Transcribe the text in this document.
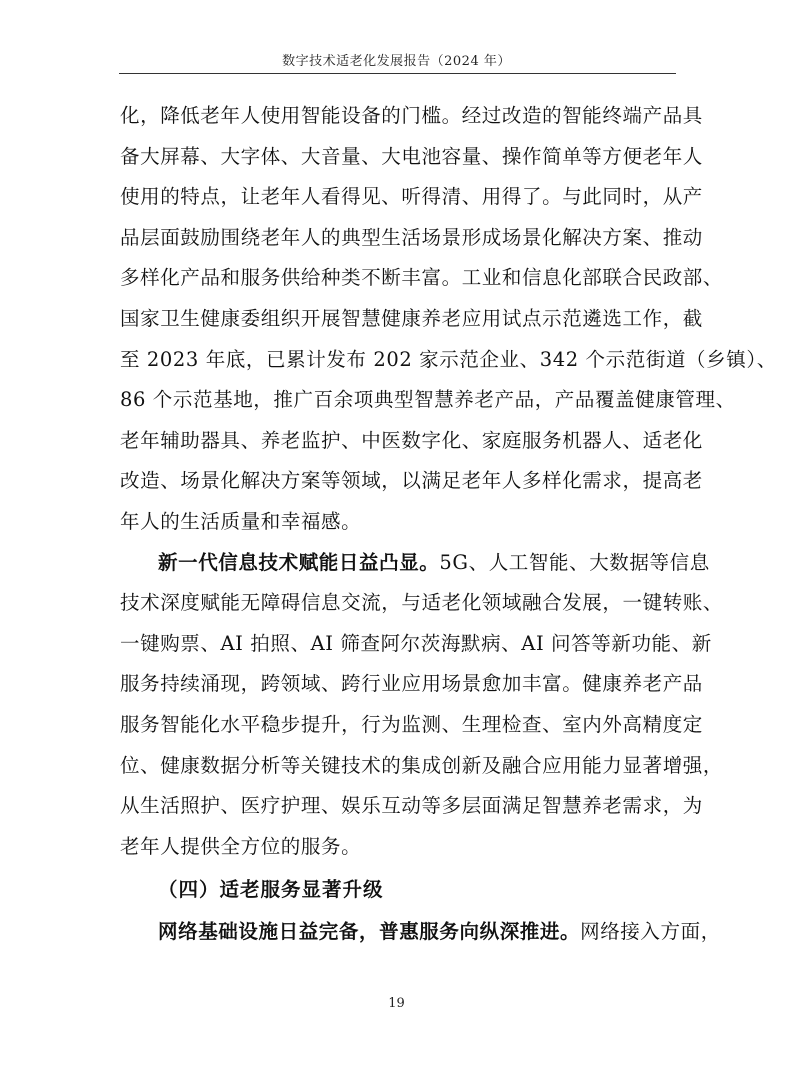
数字技术适老化发展报告（2024 年）
化，降低老年人使用智能设备的门槛。经过改造的智能终端产品具
备大屏幕、大字体、大音量、大电池容量、操作简单等方便老年人
使用的特点，让老年人看得见、听得清、用得了。与此同时，从产
品层面鼓励围绕老年人的典型生活场景形成场景化解决方案、推动
多样化产品和服务供给种类不断丰富。工业和信息化部联合民政部、
国家卫生健康委组织开展智慧健康养老应用试点示范遴选工作，截
至 2023 年底，已累计发布 202 家示范企业、342 个示范街道（乡镇）、
86 个示范基地，推广百余项典型智慧养老产品，产品覆盖健康管理、
老年辅助器具、养老监护、中医数字化、家庭服务机器人、适老化
改造、场景化解决方案等领域，以满足老年人多样化需求，提高老
年人的生活质量和幸福感。
新一代信息技术赋能日益凸显。5G、人工智能、大数据等信息
技术深度赋能无障碍信息交流，与适老化领域融合发展，一键转账、
一键购票、AI 拍照、AI 筛查阿尔茨海默病、AI 问答等新功能、新
服务持续涌现，跨领域、跨行业应用场景愈加丰富。健康养老产品
服务智能化水平稳步提升，行为监测、生理检查、室内外高精度定
位、健康数据分析等关键技术的集成创新及融合应用能力显著增强，
从生活照护、医疗护理、娱乐互动等多层面满足智慧养老需求，为
老年人提供全方位的服务。
（四）适老服务显著升级
网络基础设施日益完备，普惠服务向纵深推进。网络接入方面，
19
